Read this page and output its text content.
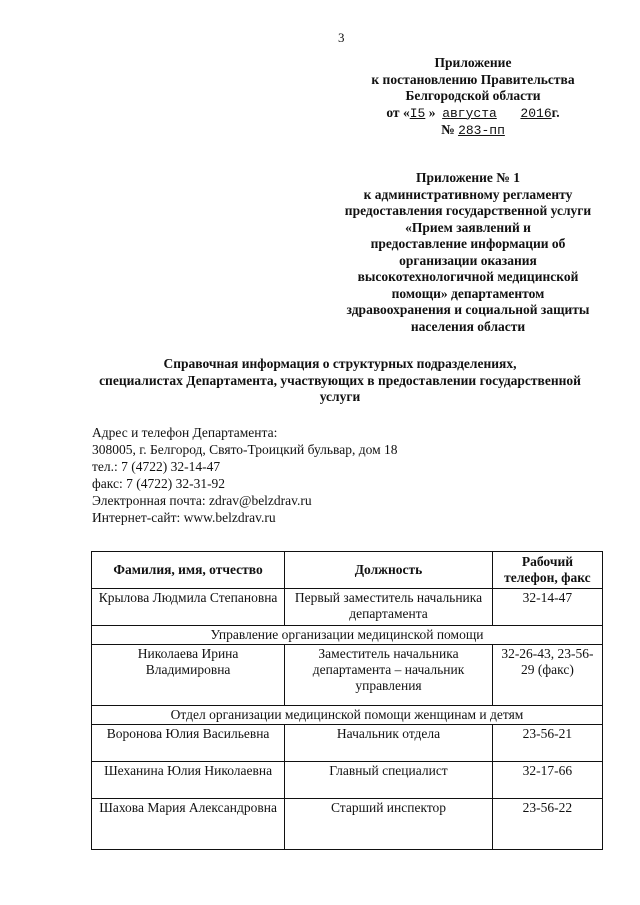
3
Приложение
к постановлению Правительства
Белгородской области
от «I5 » августа 2016г.
№ 283-пп
Приложение № 1
к административному регламенту
предоставления государственной услуги
«Прием заявлений и
предоставление информации об
организации оказания
высокотехнологичной медицинской
помощи» департаментом
здравоохранения и социальной защиты
населения области
Справочная информация о структурных подразделениях,
специалистах Департамента, участвующих в предоставлении государственной
услуги
Адрес и телефон Департамента:
308005, г. Белгород, Свято-Троицкий бульвар, дом 18
тел.: 7 (4722) 32-14-47
факс: 7 (4722) 32-31-92
Электронная почта: zdrav@belzdrav.ru
Интернет-сайт: www.belzdrav.ru
Фамилия, имя, отчество	Должность	Рабочий телефон, факс
Крылова Людмила Степановна	Первый заместитель начальника департамента	32-14-47
Управление организации медицинской помощи		
Николаева Ирина Владимировна	Заместитель начальника департамента – начальник управления	32-26-43, 23-56-29 (факс)
Отдел организации медицинской помощи женщинам и детям		
Воронова Юлия Васильевна	Начальник отдела	23-56-21
Шеханина Юлия Николаевна	Главный специалист	32-17-66
Шахова Мария Александровна	Старший инспектор	23-56-22
